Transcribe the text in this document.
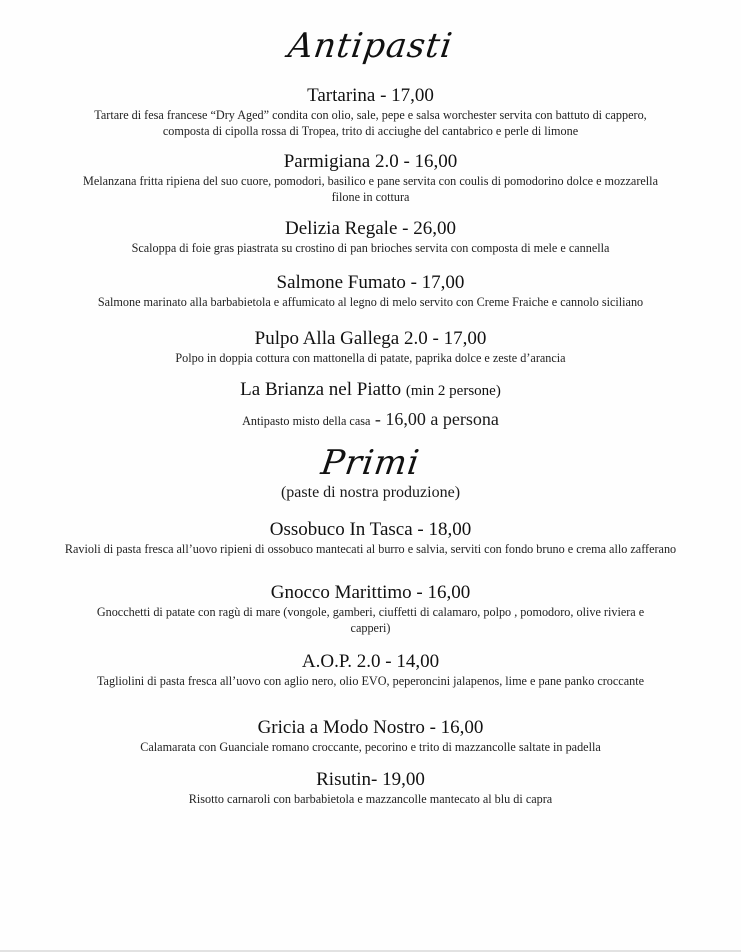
Antipasti
Tartarina - 17,00
Tartare di fesa francese “Dry Aged” condita con olio, sale, pepe e salsa worchester servita con battuto di cappero, composta di cipolla rossa di Tropea, trito di acciughe del cantabrico e perle di limone
Parmigiana 2.0 - 16,00
Melanzana fritta ripiena del suo cuore, pomodori, basilico e pane servita con coulis di pomodorino dolce e mozzarella filone in cottura
Delizia Regale - 26,00
Scaloppa di foie gras piastrata su crostino di pan brioches servita con composta di mele e cannella
Salmone Fumato - 17,00
Salmone marinato alla barbabietola e affumicato al legno di melo servito con Creme Fraiche e cannolo siciliano
Pulpo Alla Gallega 2.0 - 17,00
Polpo in doppia cottura con mattonella di patate, paprika dolce e zeste d’arancia
La Brianza nel Piatto (min 2 persone)
Antipasto misto della casa - 16,00 a persona
Primi
(paste di nostra produzione)
Ossobuco In Tasca - 18,00
Ravioli di pasta fresca all’uovo ripieni di ossobuco mantecati al burro e salvia, serviti con fondo bruno e crema allo zafferano
Gnocco Marittimo - 16,00
Gnocchetti di patate con ragù di mare (vongole, gamberi, ciuffetti di calamaro, polpo , pomodoro, olive riviera e capperi)
A.O.P. 2.0 - 14,00
Tagliolini di pasta fresca all’uovo con aglio nero, olio EVO, peperoncini jalapenos, lime e pane panko croccante
Gricia a Modo Nostro - 16,00
Calamarata con Guanciale romano croccante, pecorino e trito di mazzancolle saltate in padella
Risutin- 19,00
Risotto carnaroli con barbabietola e mazzancolle mantecato al blu di capra
